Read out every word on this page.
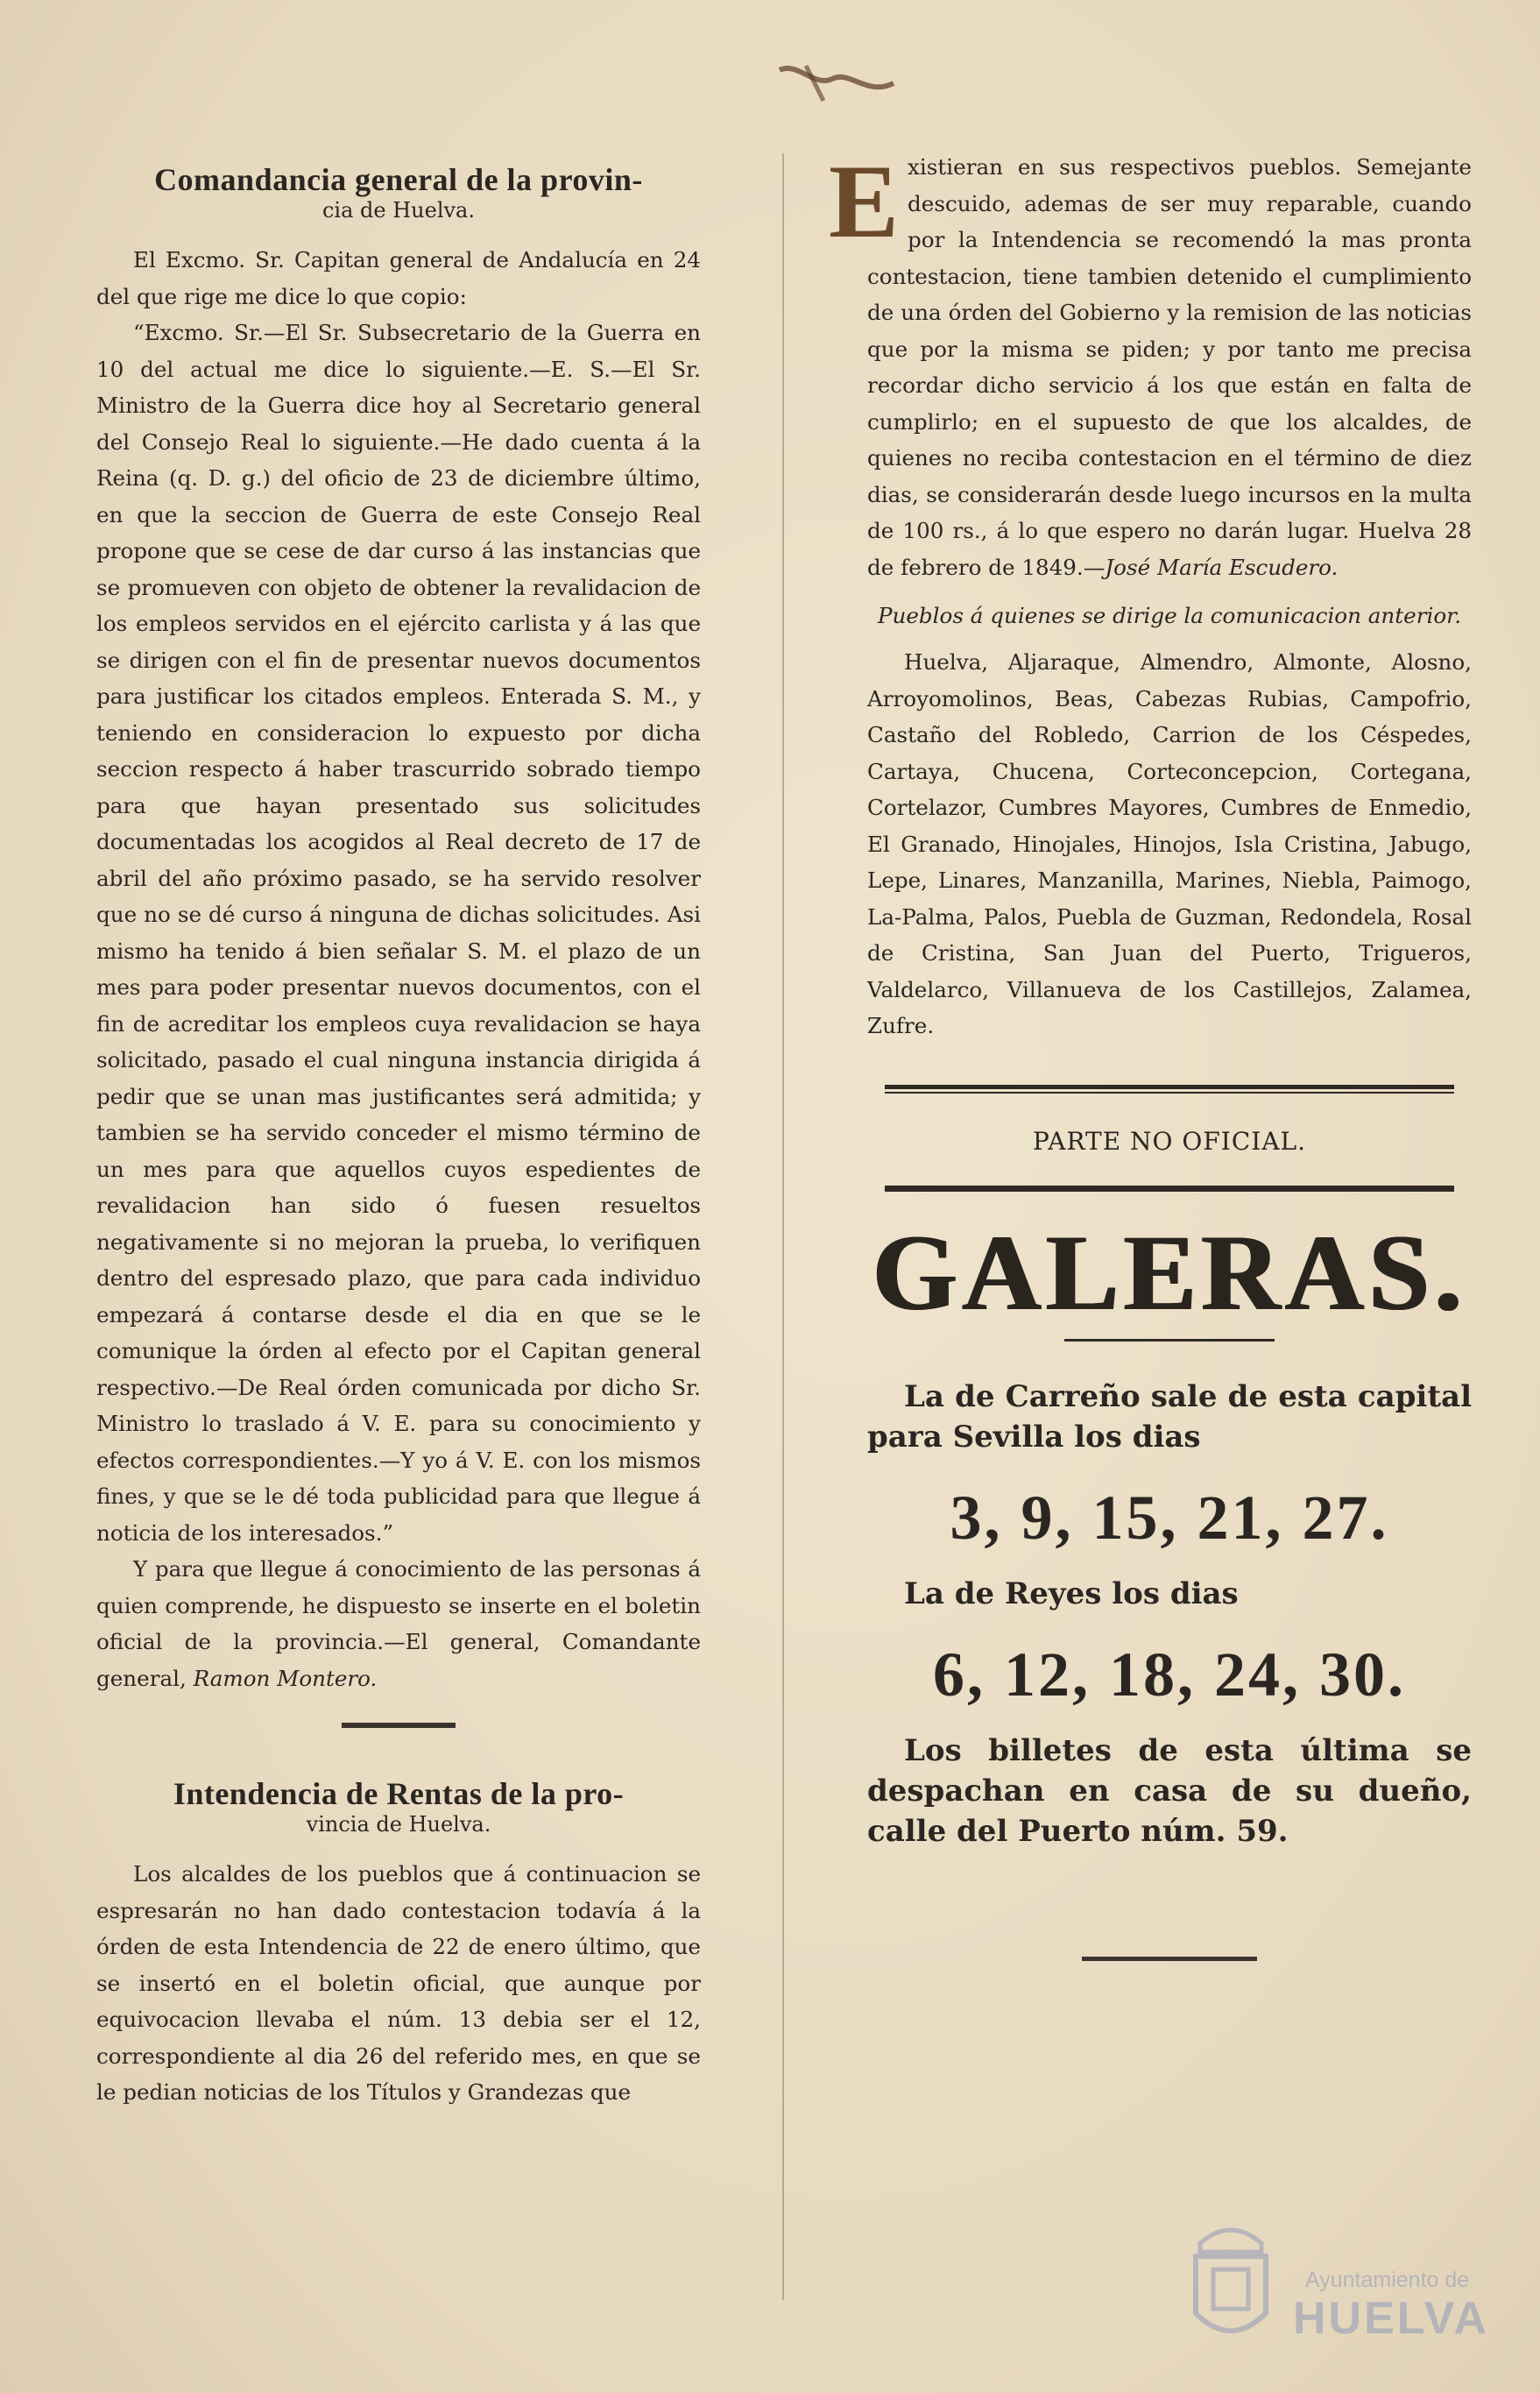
Comandancia general de la provin-
cia de Huelva.

El Excmo. Sr. Capitan general de Andalucía en 24 del que rige me dice lo que copio:

“Excmo. Sr.—El Sr. Subsecretario de la Guerra en 10 del actual me dice lo siguiente.—E. S.—El Sr. Ministro de la Guerra dice hoy al Secretario general del Consejo Real lo siguiente.—He dado cuenta á la Reina (q. D. g.) del oficio de 23 de diciembre último, en que la seccion de Guerra de este Consejo Real propone que se cese de dar curso á las instancias que se promueven con objeto de obtener la revalidacion de los empleos servidos en el ejército carlista y á las que se dirigen con el fin de presentar nuevos documentos para justificar los citados empleos. Enterada S. M., y teniendo en consideracion lo expuesto por dicha seccion respecto á haber trascurrido sobrado tiempo para que hayan presentado sus solicitudes documentadas los acogidos al Real decreto de 17 de abril del año próximo pasado, se ha servido resolver que no se dé curso á ninguna de dichas solicitudes. Asi mismo ha tenido á bien señalar S. M. el plazo de un mes para poder presentar nuevos documentos, con el fin de acreditar los empleos cuya revalidacion se haya solicitado, pasado el cual ninguna instancia dirigida á pedir que se unan mas justificantes será admitida; y tambien se ha servido conceder el mismo término de un mes para que aquellos cuyos espedientes de revalidacion han sido ó fuesen resueltos negativamente si no mejoran la prueba, lo verifiquen dentro del espresado plazo, que para cada individuo empezará á contarse desde el dia en que se le comunique la órden al efecto por el Capitan general respectivo.—De Real órden comunicada por dicho Sr. Ministro lo traslado á V. E. para su conocimiento y efectos correspondientes.—Y yo á V. E. con los mismos fines, y que se le dé toda publicidad para que llegue á noticia de los interesados.”

Y para que llegue á conocimiento de las personas á quien comprende, he dispuesto se inserte en el boletin oficial de la provincia.—El general, Comandante general, Ramon Montero.

Intendencia de Rentas de la pro-
vincia de Huelva.

Los alcaldes de los pueblos que á continuacion se espresarán no han dado contestacion todavía á la órden de esta Intendencia de 22 de enero último, que se insertó en el boletin oficial, que aunque por equivocacion llevaba el núm. 13 debia ser el 12, correspondiente al dia 26 del referido mes, en que se le pedian noticias de los Títulos y Grandezas que

Existieran en sus respectivos pueblos. Semejante descuido, ademas de ser muy reparable, cuando por la Intendencia se recomendó la mas pronta contestacion, tiene tambien detenido el cumplimiento de una órden del Gobierno y la remision de las noticias que por la misma se piden; y por tanto me precisa recordar dicho servicio á los que están en falta de cumplirlo; en el supuesto de que los alcaldes, de quienes no reciba contestacion en el término de diez dias, se considerarán desde luego incursos en la multa de 100 rs., á lo que espero no darán lugar. Huelva 28 de febrero de 1849.—José María Escudero.

Pueblos á quienes se dirige la comunicacion anterior.

Huelva, Aljaraque, Almendro, Almonte, Alosno, Arroyomolinos, Beas, Cabezas Rubias, Campofrio, Castaño del Robledo, Carrion de los Céspedes, Cartaya, Chucena, Corteconcepcion, Cortegana, Cortelazor, Cumbres Mayores, Cumbres de Enmedio, El Granado, Hinojales, Hinojos, Isla Cristina, Jabugo, Lepe, Linares, Manzanilla, Marines, Niebla, Paimogo, La-Palma, Palos, Puebla de Guzman, Redondela, Rosal de Cristina, San Juan del Puerto, Trigueros, Valdelarco, Villanueva de los Castillejos, Zalamea, Zufre.

PARTE NO OFICIAL.
GALERAS.

La de Carreño sale de esta capital para Sevilla los dias

3, 9, 15, 21, 27.

La de Reyes los dias

6, 12, 18, 24, 30.

Los billetes de esta última se despachan en casa de su dueño, calle del Puerto núm. 59.

Ayuntamiento de
HUELVA
